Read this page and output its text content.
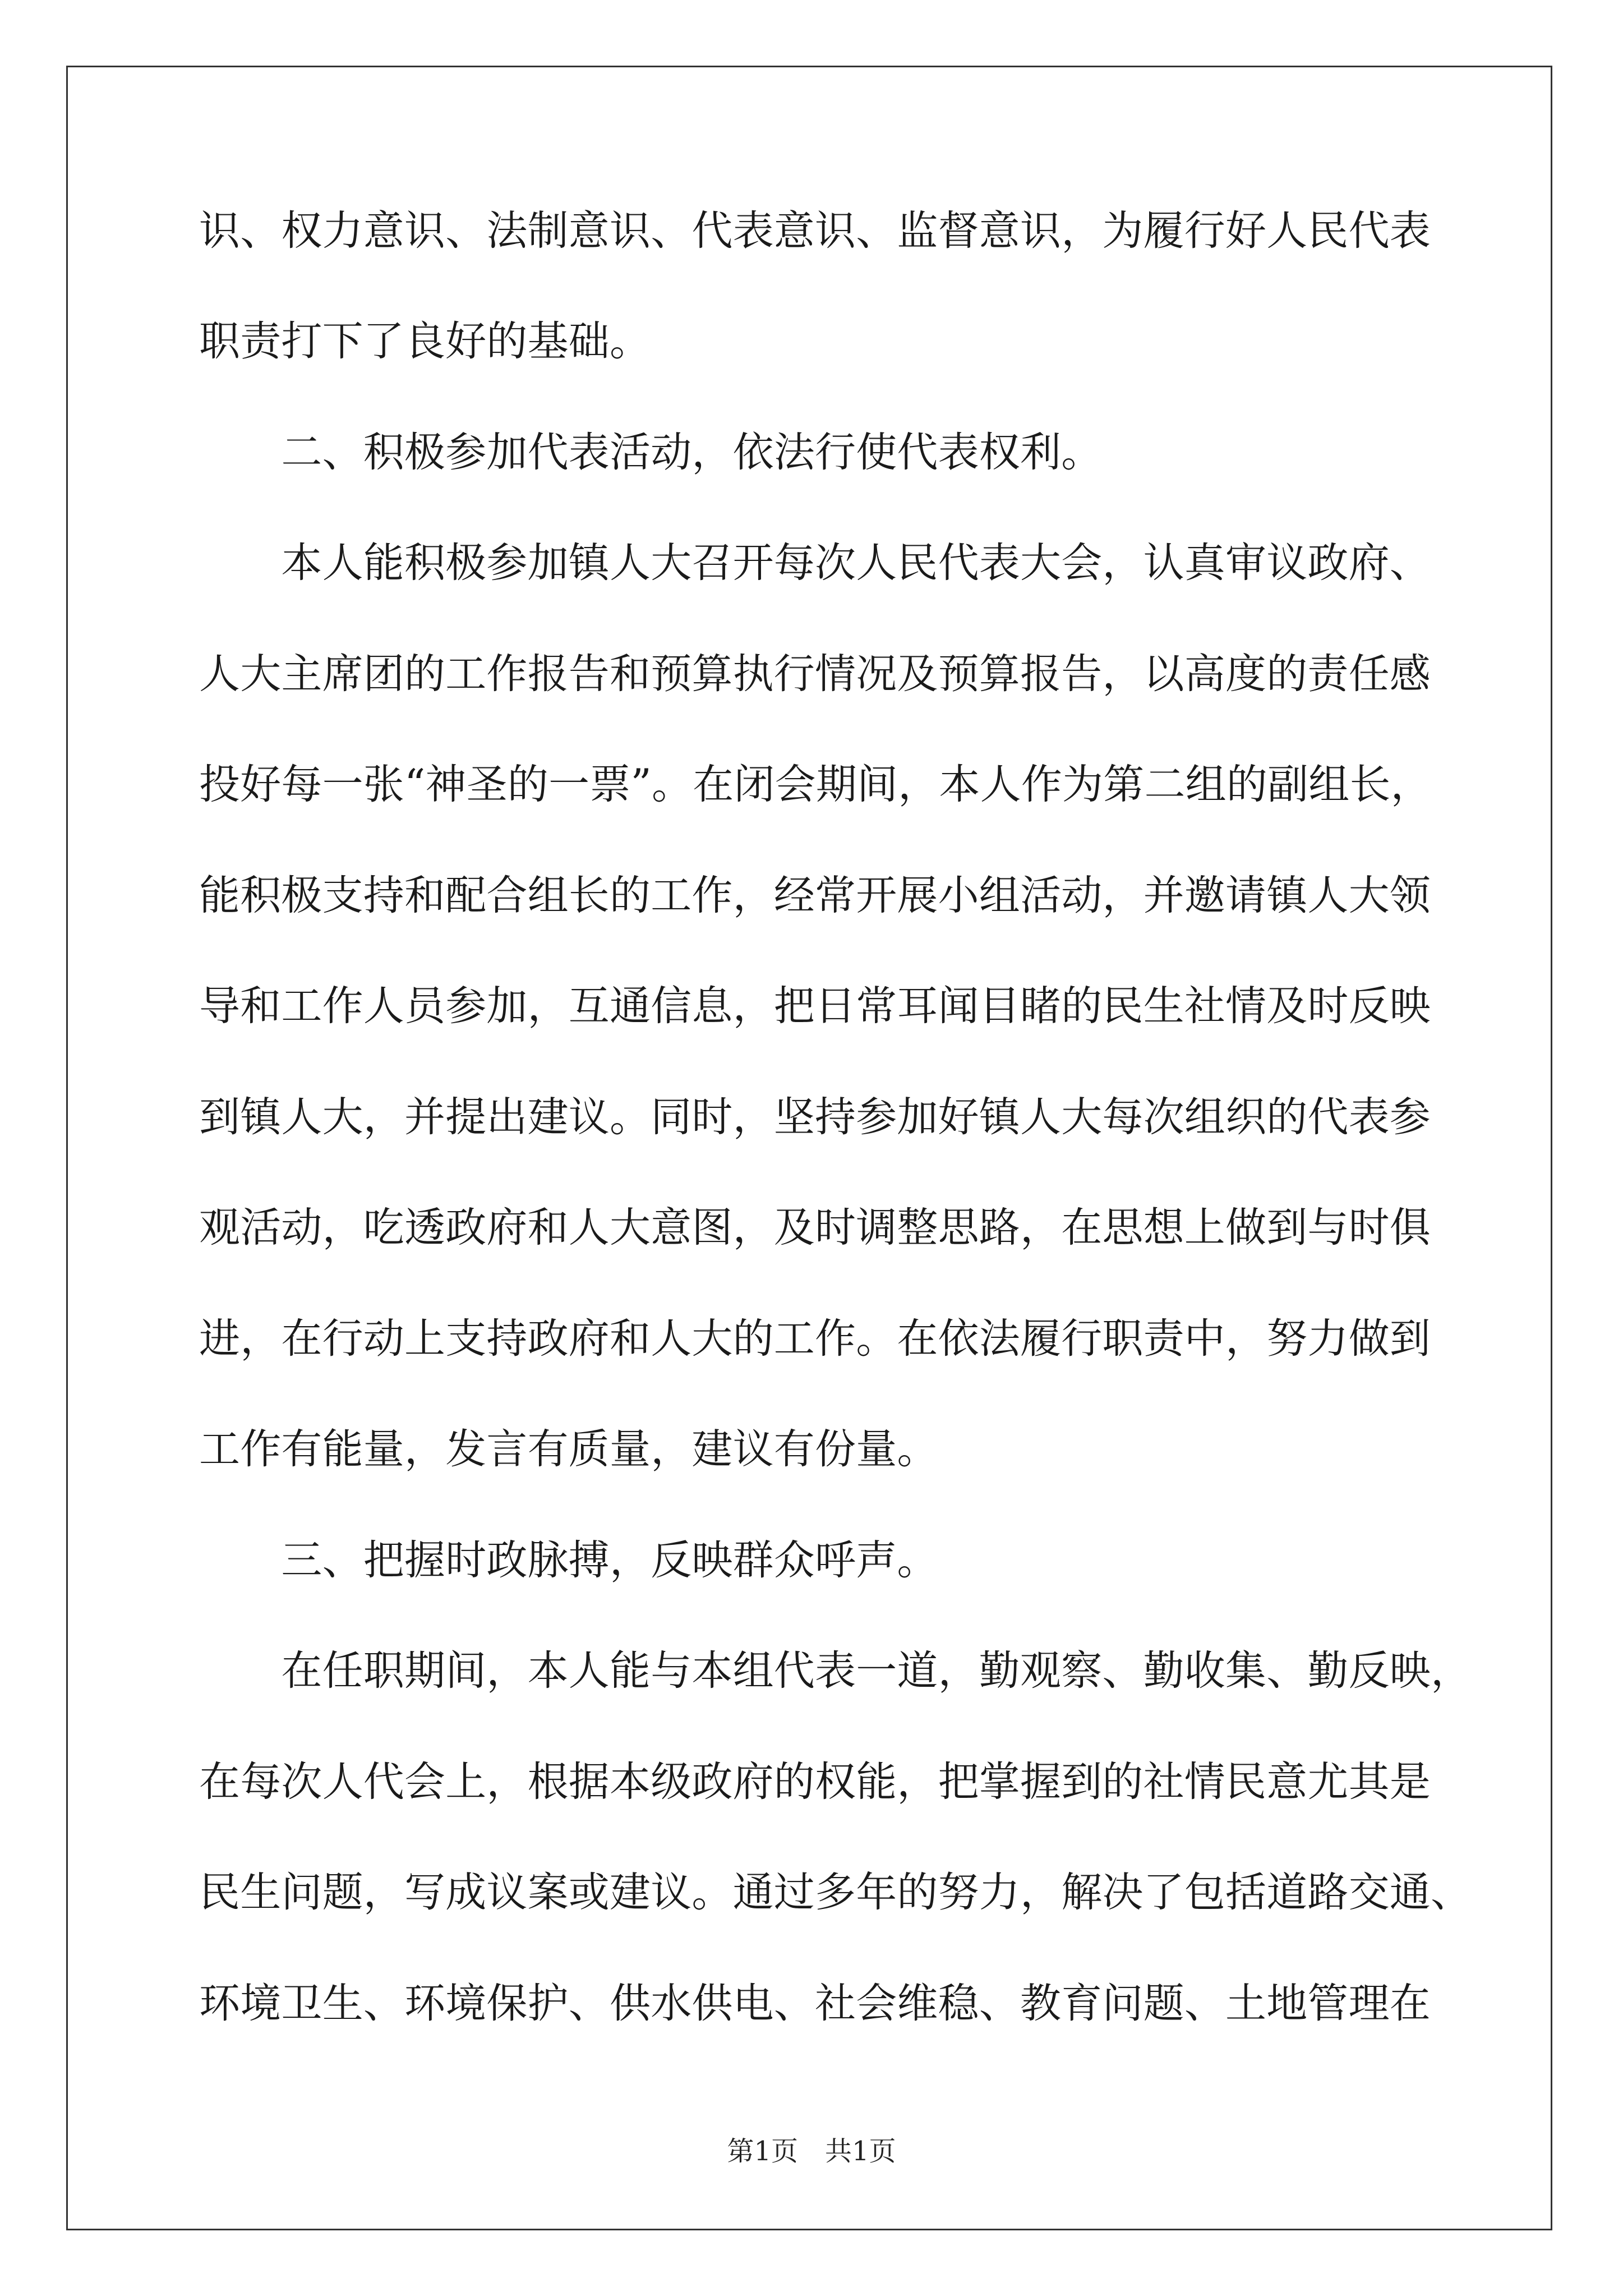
识、权力意识、法制意识、代表意识、监督意识，为履行好人民代表
职责打下了良好的基础。
　　二、积极参加代表活动，依法行使代表权利。
　　本人能积极参加镇人大召开每次人民代表大会，认真审议政府、
人大主席团的工作报告和预算执行情况及预算报告，以高度的责任感
投好每一张“神圣的一票”。在闭会期间，本人作为第二组的副组长，
能积极支持和配合组长的工作，经常开展小组活动，并邀请镇人大领
导和工作人员参加，互通信息，把日常耳闻目睹的民生社情及时反映
到镇人大，并提出建议。同时，坚持参加好镇人大每次组织的代表参
观活动，吃透政府和人大意图，及时调整思路，在思想上做到与时俱
进，在行动上支持政府和人大的工作。在依法履行职责中，努力做到
工作有能量，发言有质量，建议有份量。
　　三、把握时政脉搏，反映群众呼声。
　　在任职期间，本人能与本组代表一道，勤观察、勤收集、勤反映，
在每次人代会上，根据本级政府的权能，把掌握到的社情民意尤其是
民生问题，写成议案或建议。通过多年的努力，解决了包括道路交通、
环境卫生、环境保护、供水供电、社会维稳、教育问题、土地管理在
第1页　共1页
